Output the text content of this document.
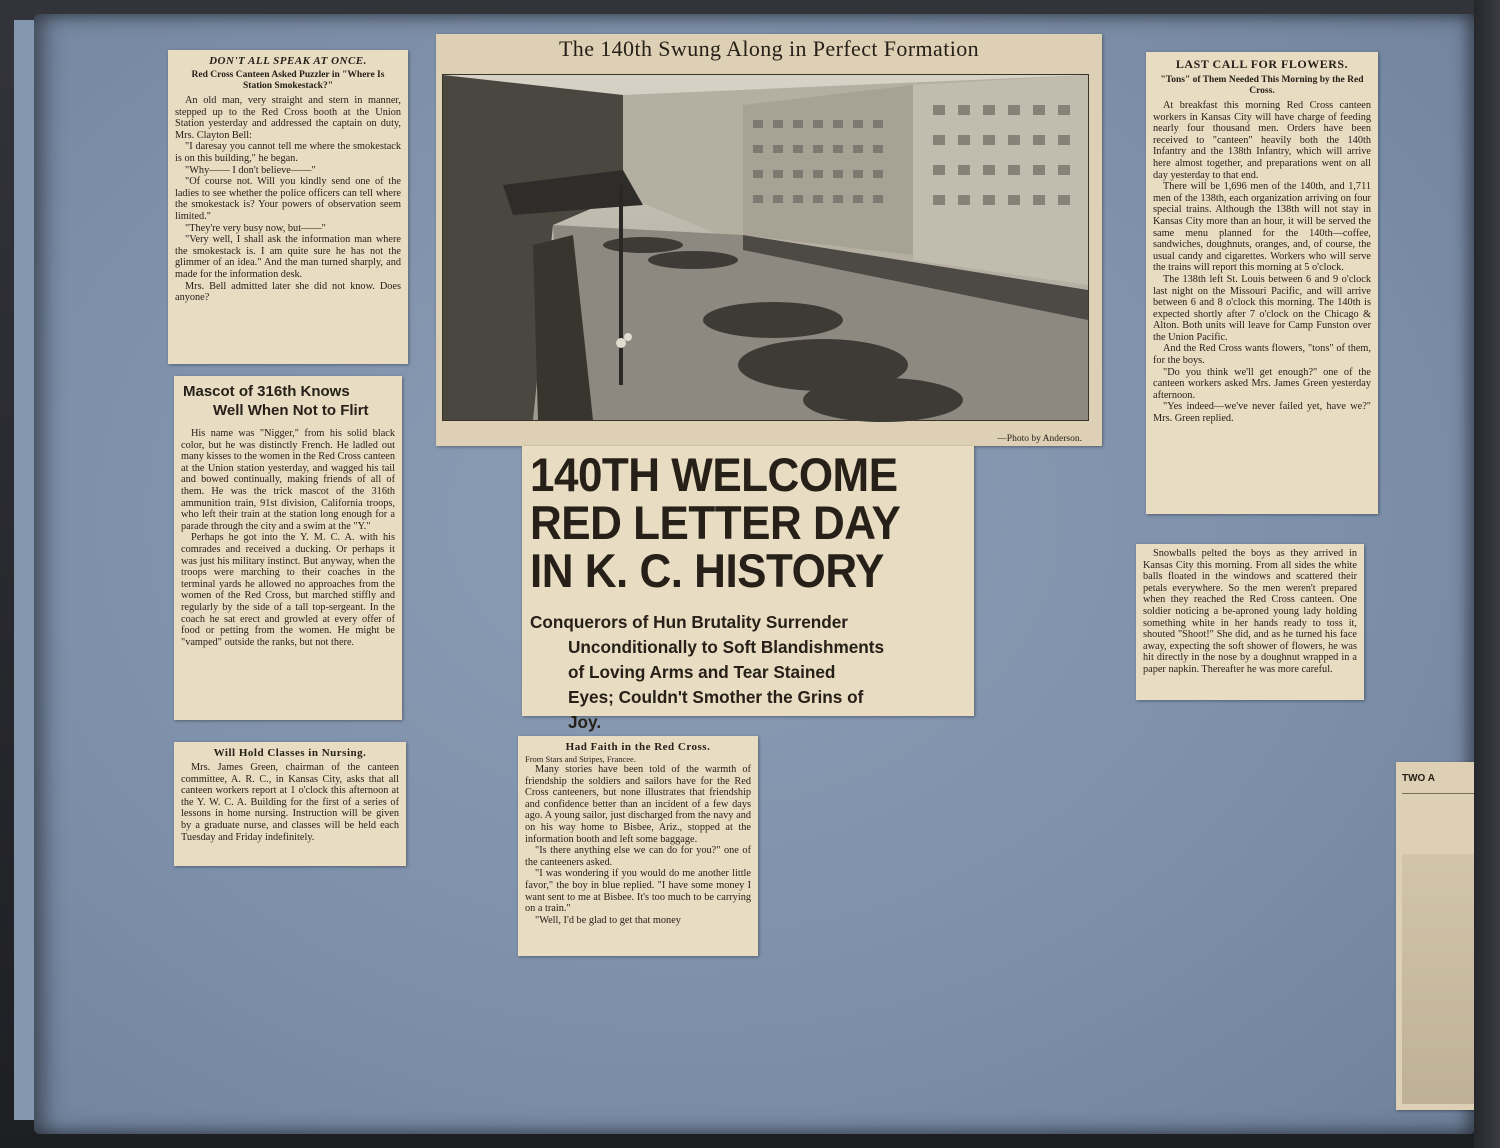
DON'T ALL SPEAK AT ONCE.
Red Cross Canteen Asked Puzzler in "Where Is Station Smokestack?"

An old man, very straight and stern in manner, stepped up to the Red Cross booth at the Union Station yesterday and addressed the captain on duty, Mrs. Clayton Bell:

"I daresay you cannot tell me where the smokestack is on this building," he began.

"Why—— I don't believe——"

"Of course not. Will you kindly send one of the ladies to see whether the police officers can tell where the smokestack is? Your powers of observation seem limited."

"They're very busy now, but——"

"Very well, I shall ask the information man where the smokestack is. I am quite sure he has not the glimmer of an idea." And the man turned sharply, and made for the information desk.

Mrs. Bell admitted later she did not know. Does anyone?

Mascot of 316th Knows
Well When Not to Flirt

His name was "Nigger," from his solid black color, but he was distinctly French. He ladled out many kisses to the women in the Red Cross canteen at the Union station yesterday, and wagged his tail and bowed continually, making friends of all of them. He was the trick mascot of the 316th ammunition train, 91st division, California troops, who left their train at the station long enough for a parade through the city and a swim at the "Y."

Perhaps he got into the Y. M. C. A. with his comrades and received a ducking. Or perhaps it was just his military instinct. But anyway, when the troops were marching to their coaches in the terminal yards he allowed no approaches from the women of the Red Cross, but marched stiffly and regularly by the side of a tall top-sergeant. In the coach he sat erect and growled at every offer of food or petting from the women. He might be "vamped" outside the ranks, but not there.

Will Hold Classes in Nursing.

Mrs. James Green, chairman of the canteen committee, A. R. C., in Kansas City, asks that all canteen workers report at 1 o'clock this afternoon at the Y. W. C. A. Building for the first of a series of lessons in home nursing. Instruction will be given by a graduate nurse, and classes will be held each Tuesday and Friday indefinitely.

The 140th Swung Along in Perfect Formation
—Photo by Anderson.
140TH WELCOME
RED LETTER DAY
IN K. C. HISTORY
Conquerors of Hun Brutality Surrender
Unconditionally to Soft Blandishments
of Loving Arms and Tear Stained
Eyes; Couldn't Smother the Grins of
Joy.
Had Faith in the Red Cross.
From Stars and Stripes, Francee.

Many stories have been told of the warmth of friendship the soldiers and sailors have for the Red Cross canteeners, but none illustrates that friendship and confidence better than an incident of a few days ago. A young sailor, just discharged from the navy and on his way home to Bisbee, Ariz., stopped at the information booth and left some baggage.

"Is there anything else we can do for you?" one of the canteeners asked.

"I was wondering if you would do me another little favor," the boy in blue replied. "I have some money I want sent to me at Bisbee. It's too much to be carrying on a train."

"Well, I'd be glad to get that money

LAST CALL FOR FLOWERS.
"Tons" of Them Needed This Morning by the Red Cross.

At breakfast this morning Red Cross canteen workers in Kansas City will have charge of feeding nearly four thousand men. Orders have been received to "canteen" heavily both the 140th Infantry and the 138th Infantry, which will arrive here almost together, and preparations went on all day yesterday to that end.

There will be 1,696 men of the 140th, and 1,711 men of the 138th, each organization arriving on four special trains. Although the 138th will not stay in Kansas City more than an hour, it will be served the same menu planned for the 140th—coffee, sandwiches, doughnuts, oranges, and, of course, the usual candy and cigarettes. Workers who will serve the trains will report this morning at 5 o'clock.

The 138th left St. Louis between 6 and 9 o'clock last night on the Missouri Pacific, and will arrive between 6 and 8 o'clock this morning. The 140th is expected shortly after 7 o'clock on the Chicago & Alton. Both units will leave for Camp Funston over the Union Pacific.

And the Red Cross wants flowers, "tons" of them, for the boys.

"Do you think we'll get enough?" one of the canteen workers asked Mrs. James Green yesterday afternoon.

"Yes indeed—we've never failed yet, have we?" Mrs. Green replied.

Snowballs pelted the boys as they arrived in Kansas City this morning. From all sides the white balls floated in the windows and scattered their petals everywhere. So the men weren't prepared when they reached the Red Cross canteen. One soldier noticing a be-aproned young lady holding something white in her hands ready to toss it, shouted "Shoot!" She did, and as he turned his face away, expecting the soft shower of flowers, he was hit directly in the nose by a doughnut wrapped in a paper napkin. Thereafter he was more careful.

TWO A
